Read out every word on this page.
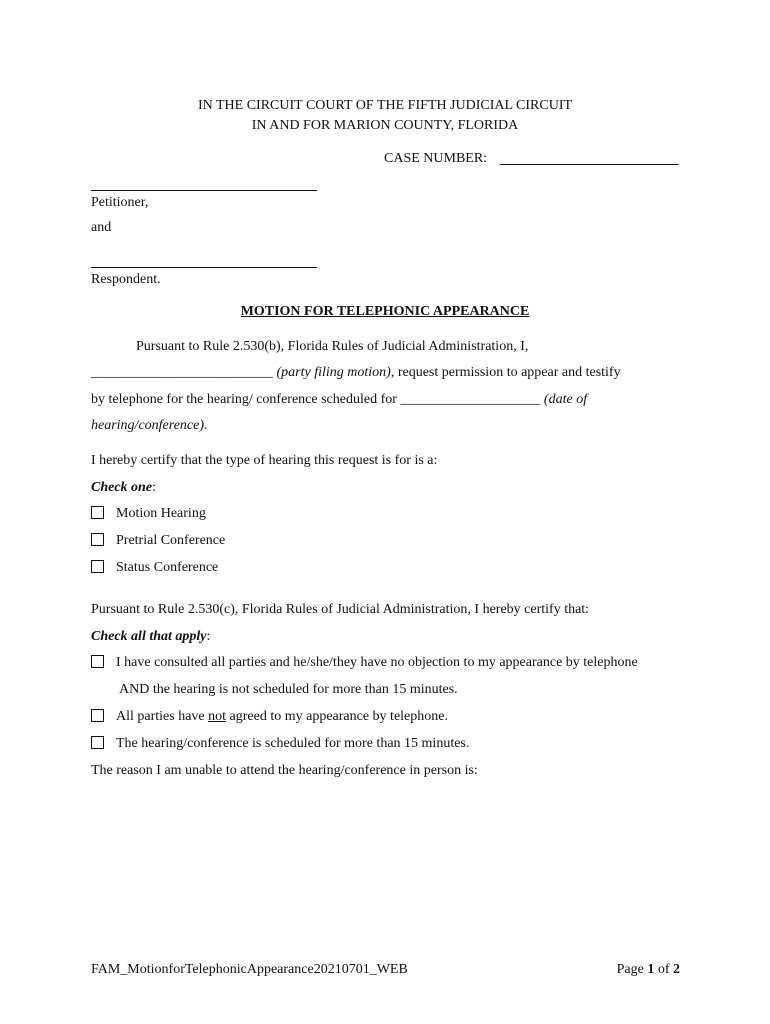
IN THE CIRCUIT COURT OF THE FIFTH JUDICIAL CIRCUIT
IN AND FOR MARION COUNTY, FLORIDA
CASE NUMBER:
Petitioner,
and
Respondent.
MOTION FOR TELEPHONIC APPEARANCE
Pursuant to Rule 2.530(b), Florida Rules of Judicial Administration, I,
__________________________ (party filing motion), request permission to appear and testify
by telephone for the hearing/ conference scheduled for ____________________ (date of
hearing/conference).
I hereby certify that the type of hearing this request is for is a:
Check one:
Motion Hearing
Pretrial Conference
Status Conference
Pursuant to Rule 2.530(c), Florida Rules of Judicial Administration, I hereby certify that:
Check all that apply:
I have consulted all parties and he/she/they have no objection to my appearance by telephone
AND the hearing is not scheduled for more than 15 minutes.
All parties have not agreed to my appearance by telephone.
The hearing/conference is scheduled for more than 15 minutes.
The reason I am unable to attend the hearing/conference in person is:
FAM_MotionforTelephonicAppearance20210701_WEB	Page 1 of 2
